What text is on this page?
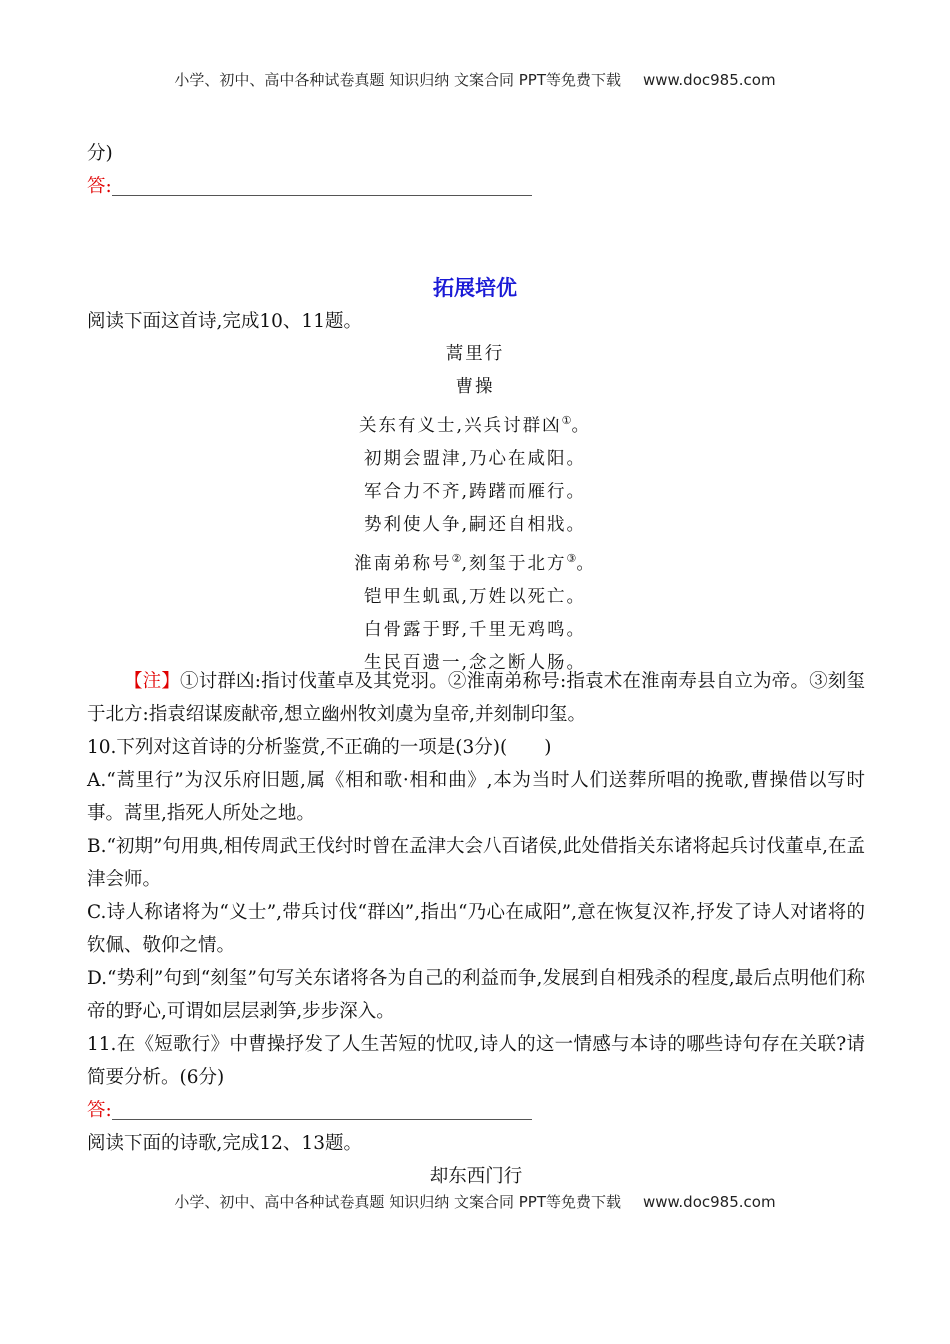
小学、初中、高中各种试卷真题 知识归纳 文案合同 PPT等免费下载 www.doc985.com
分)
答:
拓展培优
阅读下面这首诗,完成10、11题。
蒿里行
曹操
关东有义士,兴兵讨群凶①。
初期会盟津,乃心在咸阳。
军合力不齐,踌躇而雁行。
势利使人争,嗣还自相戕。
淮南弟称号②,刻玺于北方③。
铠甲生虮虱,万姓以死亡。
白骨露于野,千里无鸡鸣。
生民百遗一,念之断人肠。

【注】①讨群凶:指讨伐董卓及其党羽。②淮南弟称号:指袁术在淮南寿县自立为帝。③刻玺于北方:指袁绍谋废献帝,想立幽州牧刘虞为皇帝,并刻制印玺。

10.下列对这首诗的分析鉴赏,不正确的一项是(3分)(　　)

A.“蒿里行”为汉乐府旧题,属《相和歌·相和曲》,本为当时人们送葬所唱的挽歌,曹操借以写时事。蒿里,指死人所处之地。

B.“初期”句用典,相传周武王伐纣时曾在孟津大会八百诸侯,此处借指关东诸将起兵讨伐董卓,在孟津会师。

C.诗人称诸将为“义士”,带兵讨伐“群凶”,指出“乃心在咸阳”,意在恢复汉祚,抒发了诗人对诸将的钦佩、敬仰之情。

D.“势利”句到“刻玺”句写关东诸将各为自己的利益而争,发展到自相残杀的程度,最后点明他们称帝的野心,可谓如层层剥笋,步步深入。

11.在《短歌行》中曹操抒发了人生苦短的忧叹,诗人的这一情感与本诗的哪些诗句存在关联?请简要分析。(6分)

答:

阅读下面的诗歌,完成12、13题。

却东西门行

小学、初中、高中各种试卷真题 知识归纳 文案合同 PPT等免费下载 www.doc985.com
